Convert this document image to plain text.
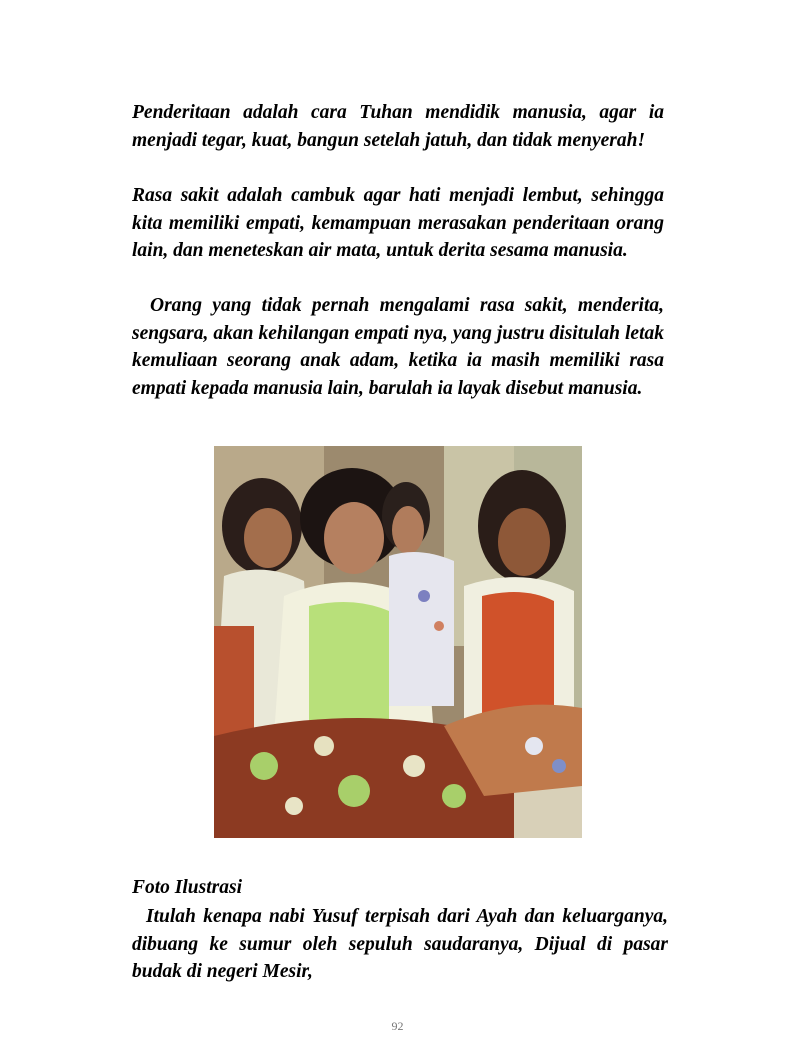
Penderitaan adalah cara Tuhan mendidik manusia, agar ia menjadi tegar, kuat, bangun setelah jatuh, dan tidak menyerah!

Rasa sakit adalah cambuk agar hati menjadi lembut, sehingga kita memiliki empati, kemampuan merasakan penderitaan orang lain, dan meneteskan air mata, untuk derita sesama manusia.

Orang yang tidak pernah mengalami rasa sakit, menderita, sengsara, akan kehilangan empati nya, yang justru disitulah letak kemuliaan seorang anak adam, ketika ia masih memiliki rasa empati kepada manusia lain, barulah ia layak disebut manusia.

Foto Ilustrasi

Itulah kenapa nabi Yusuf terpisah dari Ayah dan keluarganya, dibuang ke sumur oleh sepuluh saudaranya, Dijual di pasar budak di negeri Mesir,

92
